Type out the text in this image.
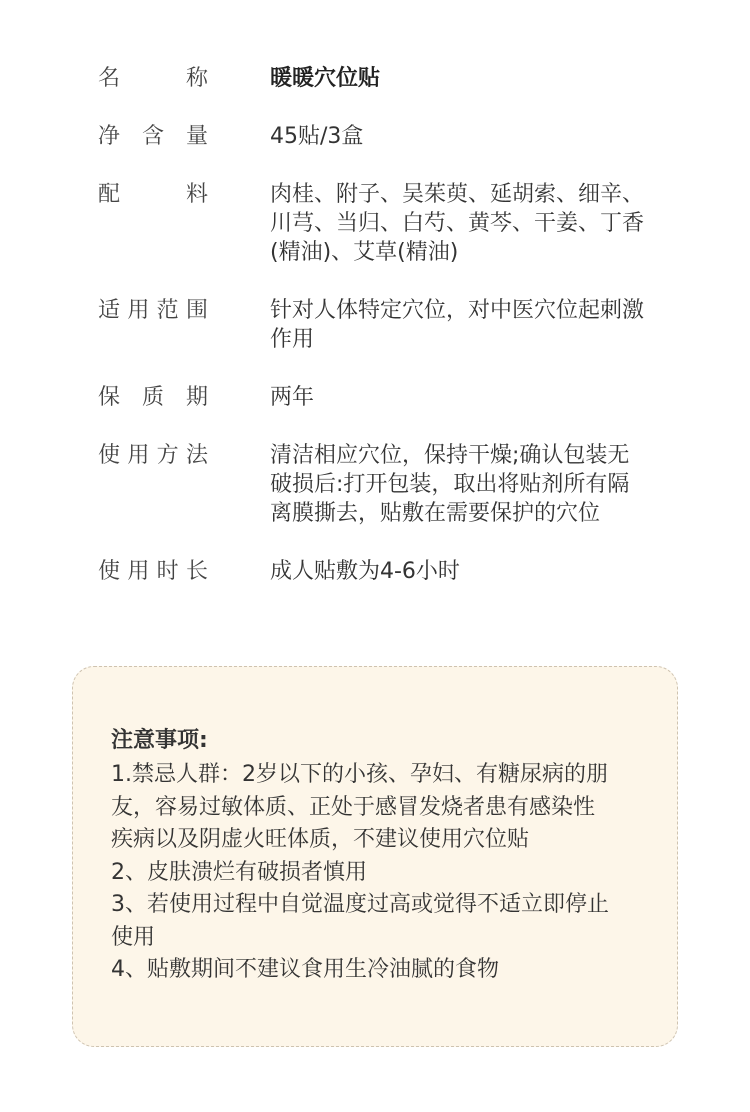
名称	暖暖穴位贴
净含量	45贴/3盒
配料	肉桂、附子、吴茱萸、延胡索、细辛、
川芎、当归、白芍、黄芩、干姜、丁香
(精油)、艾草(精油)
适用范围	针对人体特定穴位，对中医穴位起刺激
作用
保质期	两年
使用方法	清洁相应穴位，保持干燥;确认包装无
破损后:打开包装，取出将贴剂所有隔
离膜撕去，贴敷在需要保护的穴位
使用时长	成人贴敷为4-6小时
注意事项:
1.禁忌人群：2岁以下的小孩、孕妇、有糖尿病的朋
友，容易过敏体质、正处于感冒发烧者患有感染性
疾病以及阴虚火旺体质，不建议使用穴位贴
2、皮肤溃烂有破损者慎用
3、若使用过程中自觉温度过高或觉得不适立即停止
使用
4、贴敷期间不建议食用生冷油腻的食物
